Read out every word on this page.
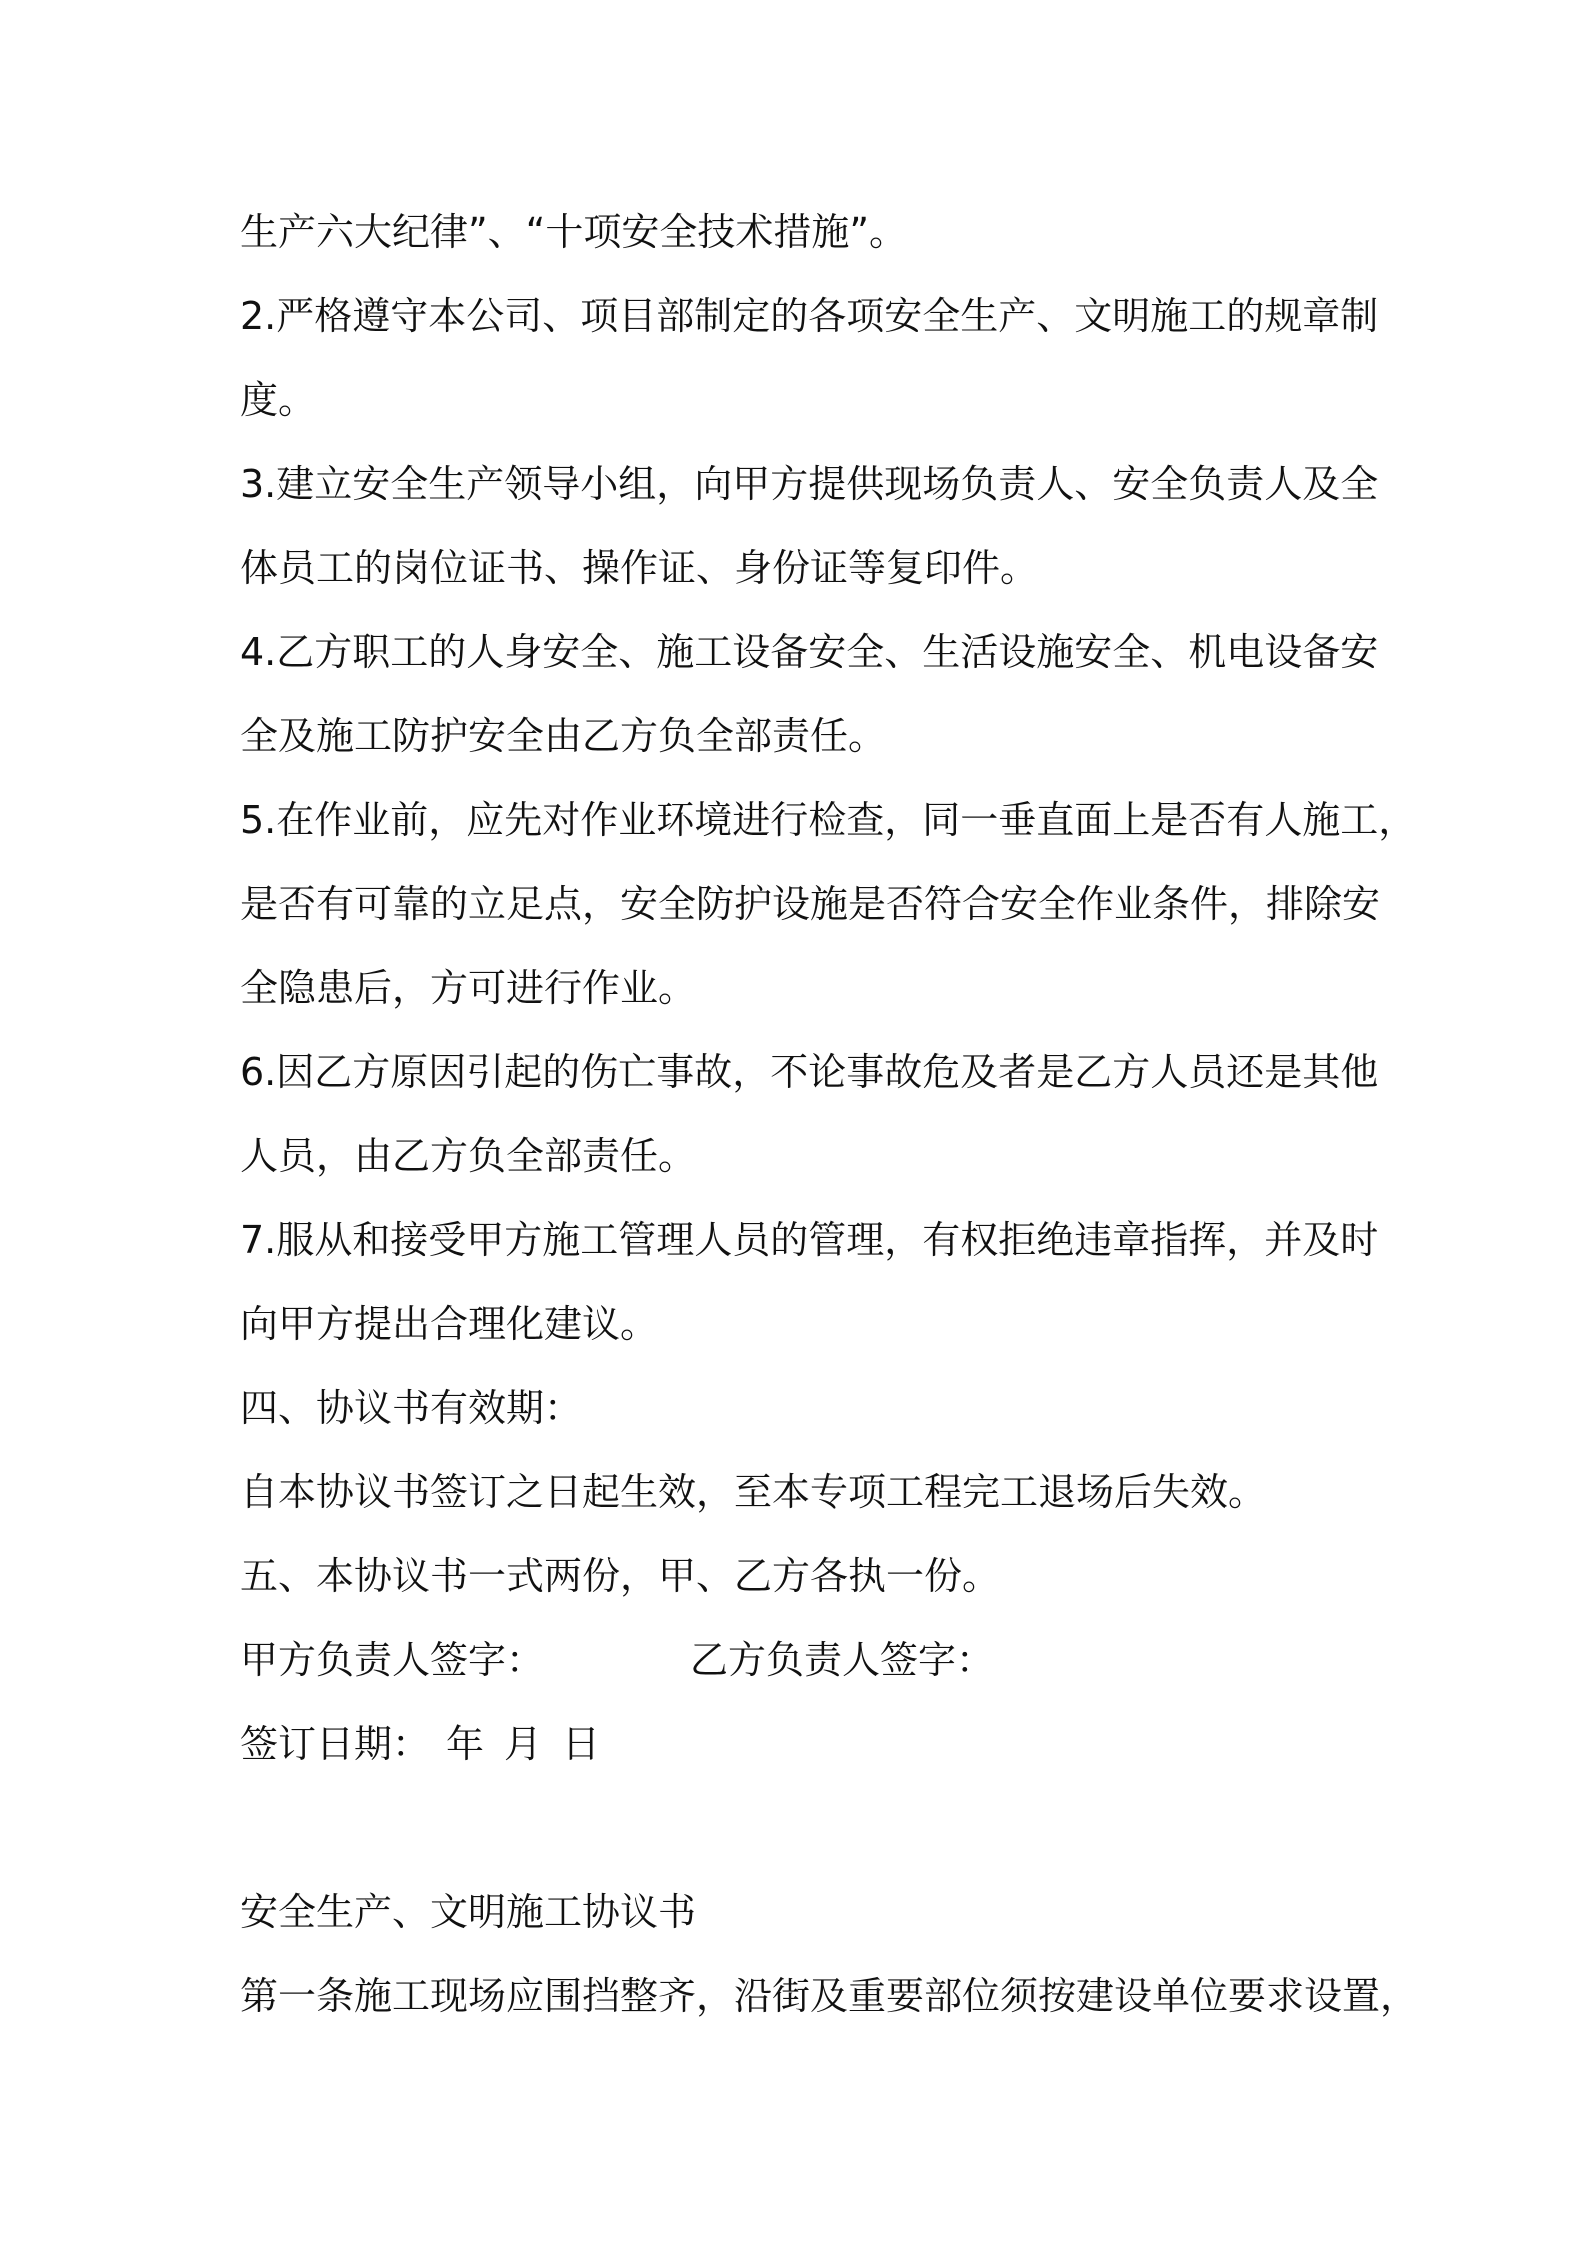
生产六大纪律”、“十项安全技术措施”。
2.严格遵守本公司、项目部制定的各项安全生产、文明施工的规章制
度。
3.建立安全生产领导小组，向甲方提供现场负责人、安全负责人及全
体员工的岗位证书、操作证、身份证等复印件。
4.乙方职工的人身安全、施工设备安全、生活设施安全、机电设备安
全及施工防护安全由乙方负全部责任。
5.在作业前，应先对作业环境进行检查，同一垂直面上是否有人施工，
是否有可靠的立足点，安全防护设施是否符合安全作业条件，排除安
全隐患后，方可进行作业。
6.因乙方原因引起的伤亡事故，不论事故危及者是乙方人员还是其他
人员，由乙方负全部责任。
7.服从和接受甲方施工管理人员的管理，有权拒绝违章指挥，并及时
向甲方提出合理化建议。
四、协议书有效期：
自本协议书签订之日起生效，至本专项工程完工退场后失效。
五、本协议书一式两份，甲、乙方各执一份。
甲方负责人签字：	乙方负责人签字：
签订日期： 年 月 日
安全生产、文明施工协议书
第一条施工现场应围挡整齐，沿街及重要部位须按建设单位要求设置，
